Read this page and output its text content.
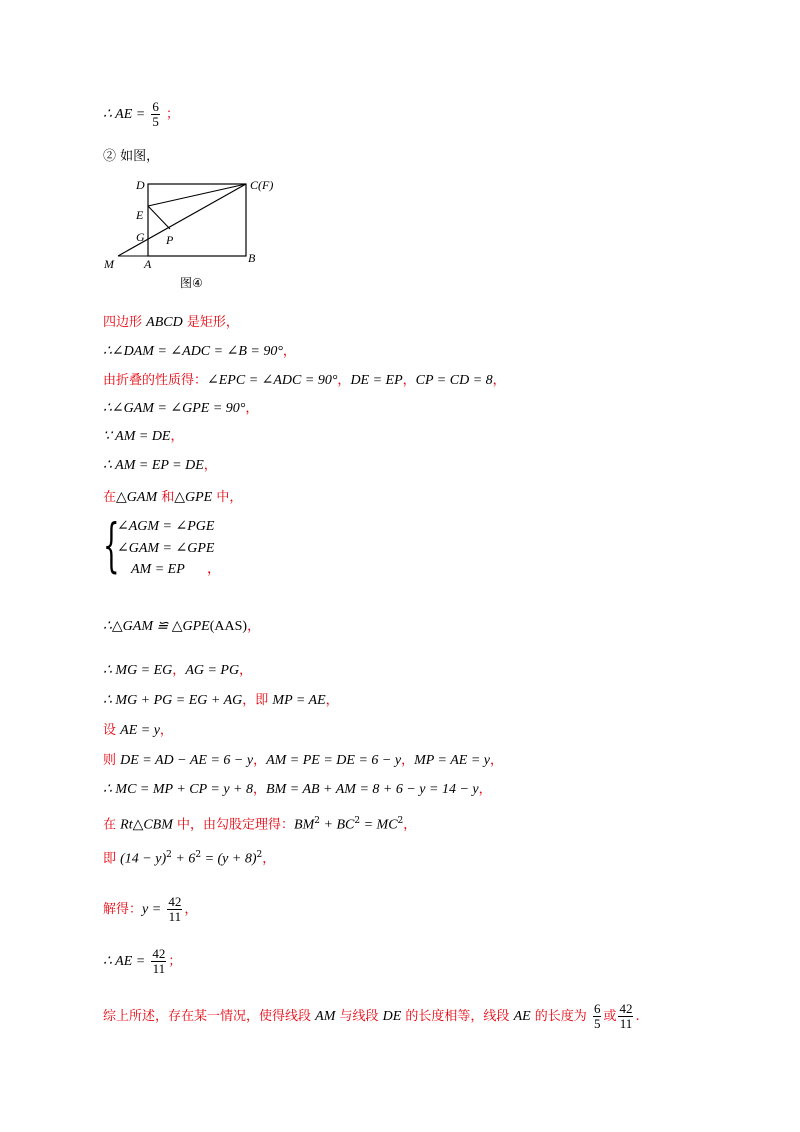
∴ AE = $\frac{6}{5}$ ；
② 如图，
D	C(F)
E
G P
M	A	B
图④
四边形 ABCD 是矩形，
∴∠DAM = ∠ADC = ∠B = 90°，
由折叠的性质得：∠EPC = ∠ADC = 90°，DE = EP，CP = CD = 8，
∴∠GAM = ∠GPE = 90°，
∵ AM = DE，
∴ AM = EP = DE，
在△GAM 和△GPE 中，
{
∠AGM = ∠PGE
∠GAM = ∠GPE
AM = EP ，
∴△GAM ≌ △GPE(AAS)，
∴ MG = EG，AG = PG，
∴ MG + PG = EG + AG，即 MP = AE，
设 AE = y，
则 DE = AD − AE = 6 − y，AM = PE = DE = 6 − y，MP = AE = y，
∴ MC = MP + CP = y + 8，BM = AB + AM = 8 + 6 − y = 14 − y，
在 Rt△CBM 中，由勾股定理得：$BM^2 + BC^2 = MC^2$，
即 $(14 - y)^2 + 6^2 = (y + 8)^2$，
解得：$y = \frac{42}{11}$ ，
∴ AE = $\frac{42}{11}$ ；
综上所述，存在某一情况，使得线段 AM 与线段 DE 的长度相等，线段 AE 的长度为 $\frac{6}{5}$ 或 $\frac{42}{11}$ .
